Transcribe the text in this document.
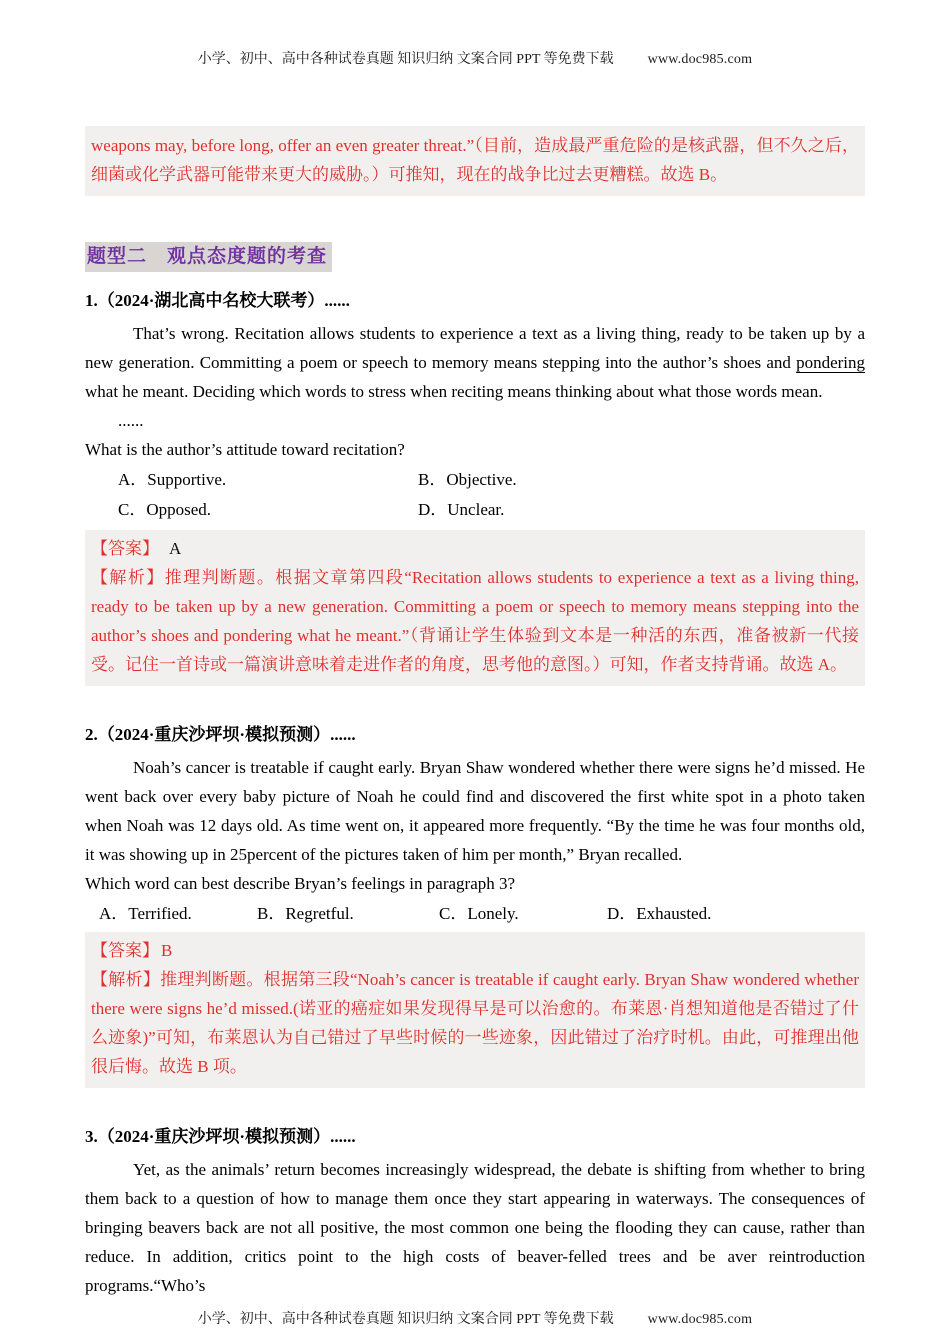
小学、初中、高中各种试卷真题 知识归纳 文案合同 PPT 等免费下载 www.doc985.com
weapons may, before long, offer an even greater threat.”（目前，造成最严重危险的是核武器，但不久之后，细菌或化学武器可能带来更大的威胁。）可推知，现在的战争比过去更糟糕。故选 B。
题型二　观点态度题的考查

1.（2024·湖北高中名校大联考）......

That’s wrong. Recitation allows students to experience a text as a living thing, ready to be taken up by a new generation. Committing a poem or speech to memory means stepping into the author’s shoes and pondering what he meant. Deciding which words to stress when reciting means thinking about what those words mean.

......

What is the author’s attitude toward recitation?

A．Supportive.	B．Objective.
C．Opposed.	D．Unclear.

【答案】 A

【解析】推理判断题。根据文章第四段“Recitation allows students to experience a text as a living thing, ready to be taken up by a new generation. Committing a poem or speech to memory means stepping into the author’s shoes and pondering what he meant.”（背诵让学生体验到文本是一种活的东西，准备被新一代接受。记住一首诗或一篇演讲意味着走进作者的角度，思考他的意图。）可知，作者支持背诵。故选 A。

2.（2024·重庆沙坪坝·模拟预测）......

Noah’s cancer is treatable if caught early. Bryan Shaw wondered whether there were signs he’d missed. He went back over every baby picture of Noah he could find and discovered the first white spot in a photo taken when Noah was 12 days old. As time went on, it appeared more frequently. “By the time he was four months old, it was showing up in 25percent of the pictures taken of him per month,” Bryan recalled.

Which word can best describe Bryan’s feelings in paragraph 3?

A．Terrified.	B．Regretful.	C．Lonely.	D．Exhausted.

【答案】 B

【解析】推理判断题。根据第三段“Noah’s cancer is treatable if caught early. Bryan Shaw wondered whether there were signs he’d missed.(诺亚的癌症如果发现得早是可以治愈的。布莱恩·肖想知道他是否错过了什么迹象)”可知，布莱恩认为自己错过了早些时候的一些迹象，因此错过了治疗时机。由此，可推理出他很后悔。故选 B 项。

3.（2024·重庆沙坪坝·模拟预测）......

Yet, as the animals’ return becomes increasingly widespread, the debate is shifting from whether to bring them back to a question of how to manage them once they start appearing in waterways. The consequences of bringing beavers back are not all positive, the most common one being the flooding they can cause, rather than reduce. In addition, critics point to the high costs of beaver-felled trees and be aver reintroduction programs.“Who’s

小学、初中、高中各种试卷真题 知识归纳 文案合同 PPT 等免费下载 www.doc985.com
